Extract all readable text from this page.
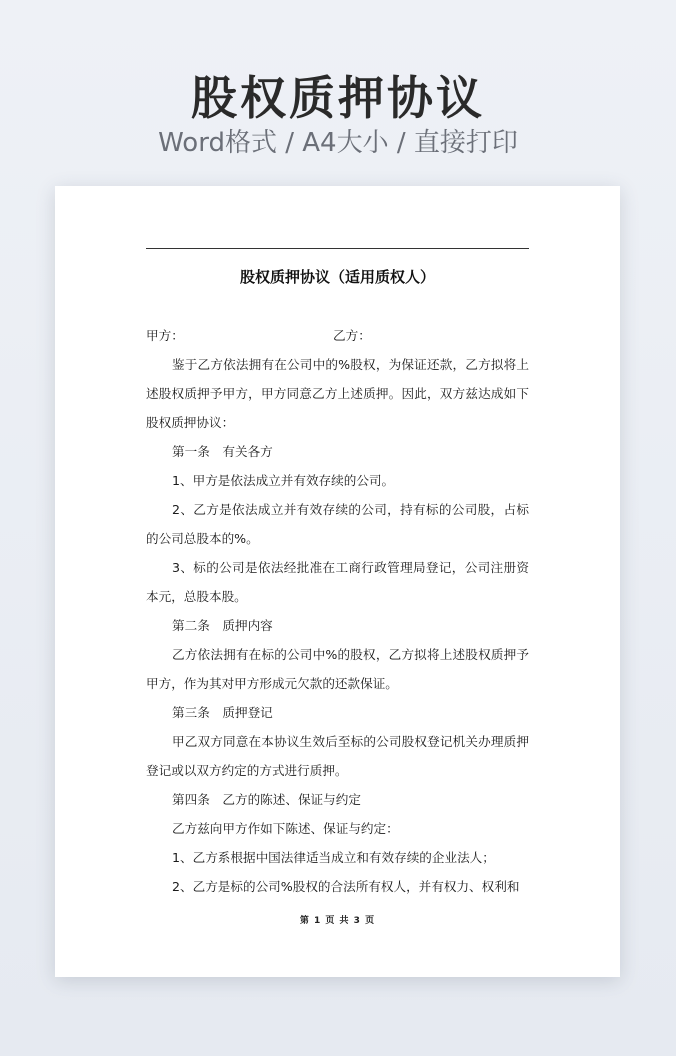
股权质押协议
Word格式 / A4大小 / 直接打印
股权质押协议（适用质权人）
甲方：	乙方：

鉴于乙方依法拥有在公司中的%股权，为保证还款，乙方拟将上述股权质押予甲方，甲方同意乙方上述质押。因此，双方兹达成如下股权质押协议：

第一条　有关各方

1、甲方是依法成立并有效存续的公司。

2、乙方是依法成立并有效存续的公司，持有标的公司股，占标的公司总股本的%。

3、标的公司是依法经批准在工商行政管理局登记，公司注册资本元，总股本股。

第二条　质押内容

乙方依法拥有在标的公司中%的股权，乙方拟将上述股权质押予甲方，作为其对甲方形成元欠款的还款保证。

第三条　质押登记

甲乙双方同意在本协议生效后至标的公司股权登记机关办理质押登记或以双方约定的方式进行质押。

第四条　乙方的陈述、保证与约定

乙方兹向甲方作如下陈述、保证与约定：

1、乙方系根据中国法律适当成立和有效存续的企业法人；

2、乙方是标的公司%股权的合法所有权人，并有权力、权利和

第 1 页 共 3 页
